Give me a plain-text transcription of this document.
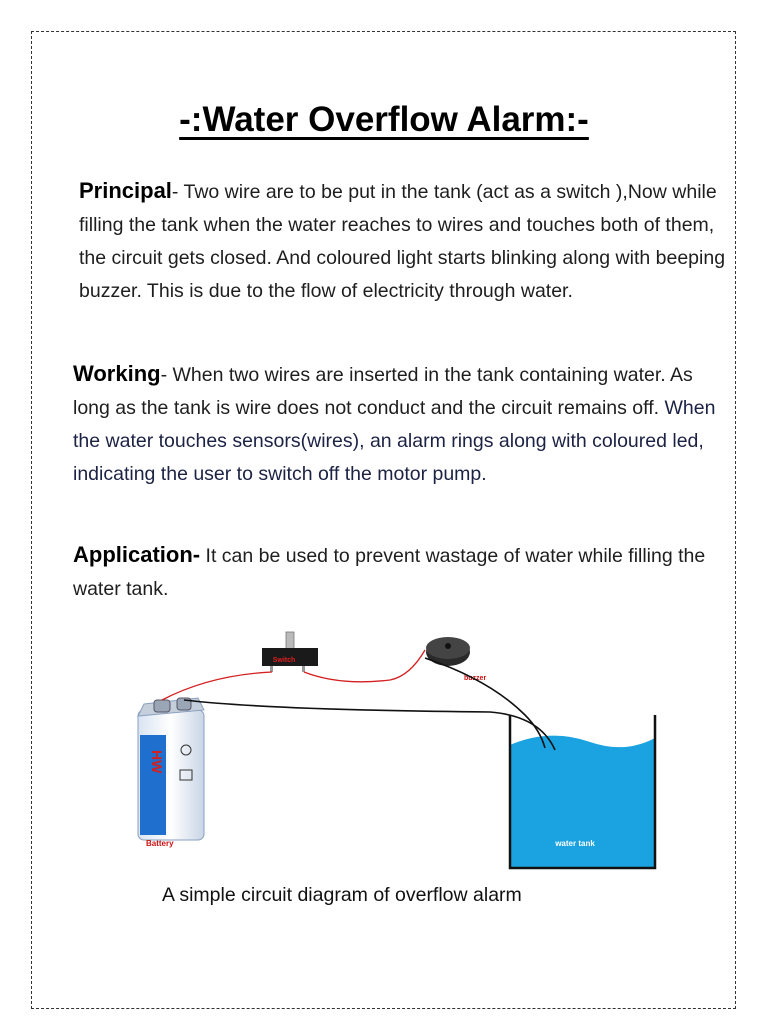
-:Water Overflow Alarm:-

Principal- Two wire are to be put in the tank (act as a switch ),Now while filling the tank when the water reaches to wires and touches both of them, the circuit gets closed. And coloured light starts blinking along with beeping buzzer. This is due to the flow of electricity through water.

Working- When two wires are inserted in the tank containing water. As long as the tank is wire does not conduct and the circuit remains off. When the water touches sensors(wires), an alarm rings along with coloured led, indicating the user to switch off the motor pump.

Application- It can be used to prevent wastage of water while filling the water tank.

water tank
HW
Battery
Switch
buzzer
A simple circuit diagram of overflow alarm
